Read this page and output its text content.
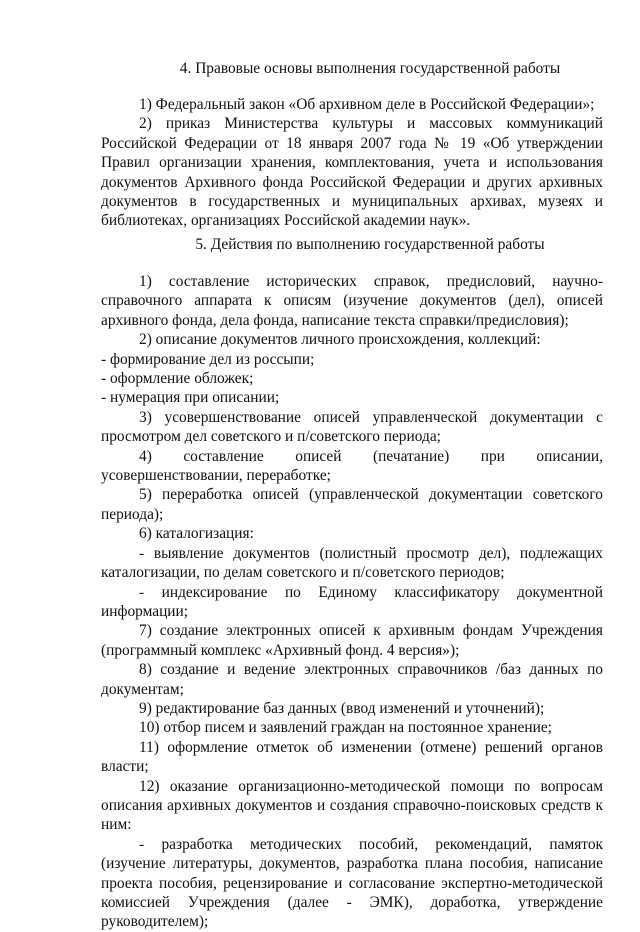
4. Правовые основы выполнения государственной работы

1) Федеральный закон «Об архивном деле в Российской Федерации»;

2) приказ Министерства культуры и массовых коммуникаций Российской Федерации от 18 января 2007 года № 19 «Об утверждении Правил организации хранения, комплектования, учета и использования документов Архивного фонда Российской Федерации и других архивных документов в государственных и муниципальных архивах, музеях и библиотеках, организациях Российской академии наук».

5. Действия по выполнению государственной работы

1) составление исторических справок, предисловий, научно-справочного аппарата к описям (изучение документов (дел), описей архивного фонда, дела фонда, написание текста справки/предисловия);

2) описание документов личного происхождения, коллекций:

- формирование дел из россыпи;

- оформление обложек;

- нумерация при описании;

3) усовершенствование описей управленческой документации с просмотром дел советского и п/советского периода;

4) составление описей (печатание) при описании, усовершенствовании, переработке;

5) переработка описей (управленческой документации советского периода);

6) каталогизация:

- выявление документов (полистный просмотр дел), подлежащих каталогизации, по делам советского и п/советского периодов;

- индексирование по Единому классификатору документной информации;

7) создание электронных описей к архивным фондам Учреждения (программный комплекс «Архивный фонд. 4 версия»);

8) создание и ведение электронных справочников /баз данных по документам;

9) редактирование баз данных (ввод изменений и уточнений);

10) отбор писем и заявлений граждан на постоянное хранение;

11) оформление отметок об изменении (отмене) решений органов власти;

12) оказание организационно-методической помощи по вопросам описания архивных документов и создания справочно-поисковых средств к ним:

- разработка методических пособий, рекомендаций, памяток (изучение литературы, документов, разработка плана пособия, написание проекта пособия, рецензирование и согласование экспертно-методической комиссией Учреждения (далее - ЭМК), доработка, утверждение руководителем);
